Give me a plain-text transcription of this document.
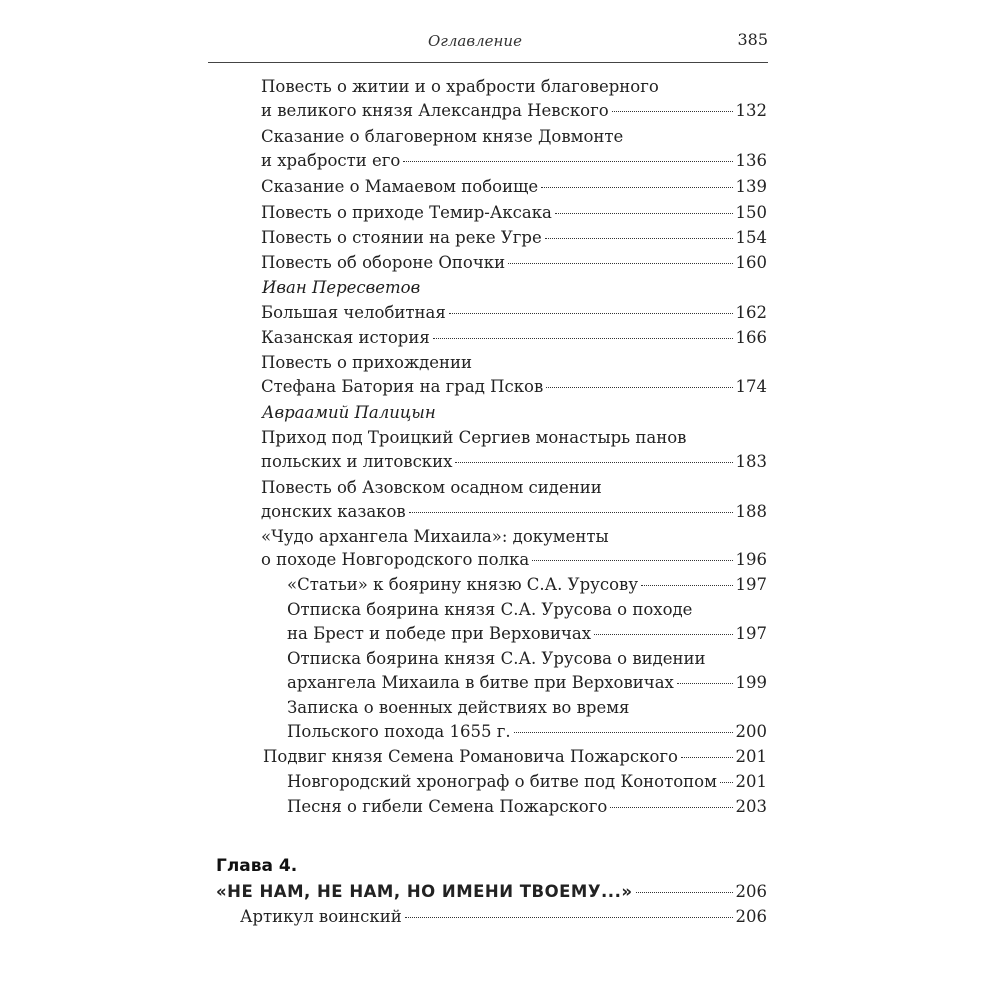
Оглавление	385
Повесть о житии и о храбрости благоверного
и великого князя Александра Невского	132
Сказание о благоверном князе Довмонте
и храбрости его	136
Сказание о Мамаевом побоище	139
Повесть о приходе Темир-Аксака	150
Повесть о стоянии на реке Угре	154
Повесть об обороне Опочки	160
Иван Пересветов
Большая челобитная	162
Казанская история	166
Повесть о прихождении
Стефана Батория на град Псков	174
Авраамий Палицын
Приход под Троицкий Сергиев монастырь панов
польских и литовских	183
Повесть об Азовском осадном сидении
донских казаков	188
«Чудо архангела Михаила»: документы
о походе Новгородского полка	196
«Статьи» к боярину князю С.А. Урусову	197
Отписка боярина князя С.А. Урусова о походе
на Брест и победе при Верховичах	197
Отписка боярина князя С.А. Урусова о видении
архангела Михаила в битве при Верховичах	199
Записка о военных действиях во время
Польского похода 1655 г.	200
Подвиг князя Семена Романовича Пожарского	201
Новгородский хронограф о битве под Конотопом 201
Песня о гибели Семена Пожарского	203
Глава 4.
«НЕ НАМ, НЕ НАМ, НО ИМЕНИ ТВОЕМУ...»	206
Артикул воинский	206
